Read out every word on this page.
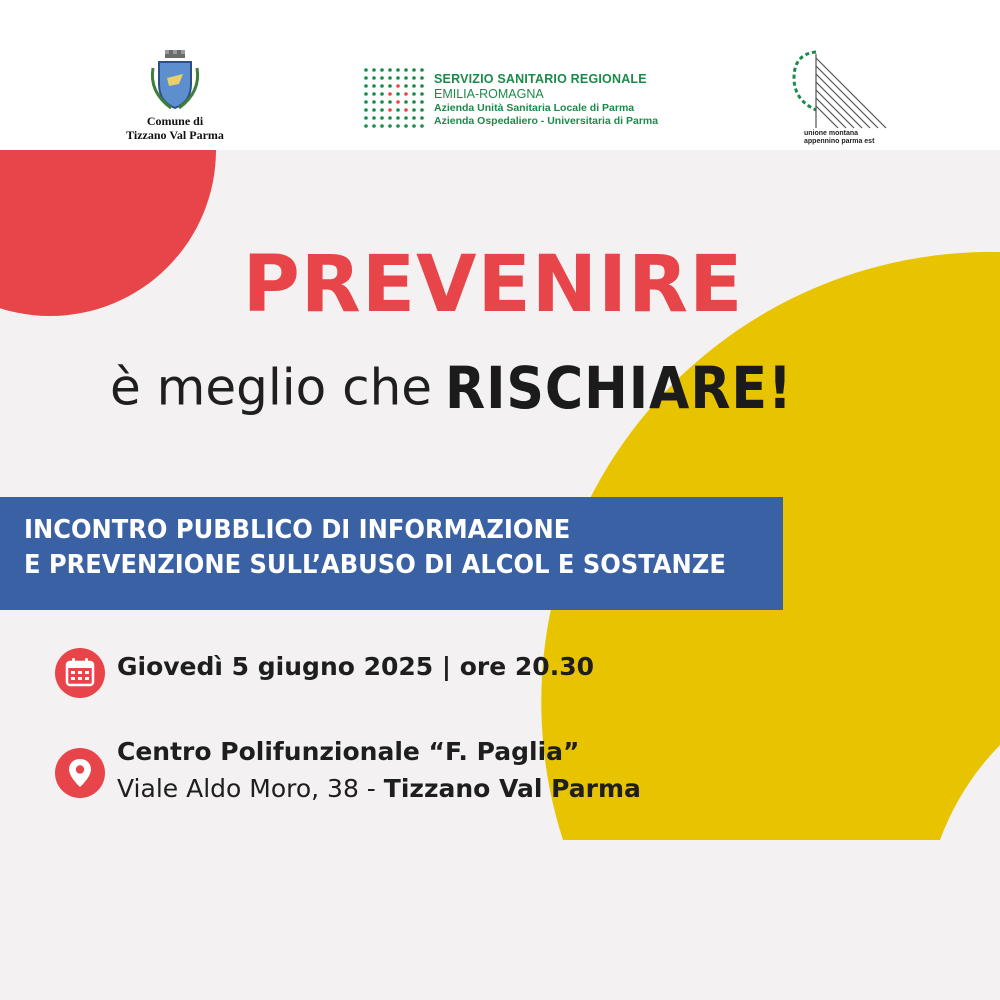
Comune di
Tizzano Val Parma
SERVIZIO SANITARIO REGIONALE
EMILIA-ROMAGNA
Azienda Unità Sanitaria Locale di Parma
Azienda Ospedaliero - Universitaria di Parma
unione montana
appennino parma est
PREVENIRE
è meglio che RISCHIARE!
INCONTRO PUBBLICO DI INFORMAZIONE
E PREVENZIONE SULL’ABUSO DI ALCOL E SOSTANZE
Giovedì 5 giugno 2025 | ore 20.30
Centro Polifunzionale “F. Paglia”
Viale Aldo Moro, 38 - Tizzano Val Parma
